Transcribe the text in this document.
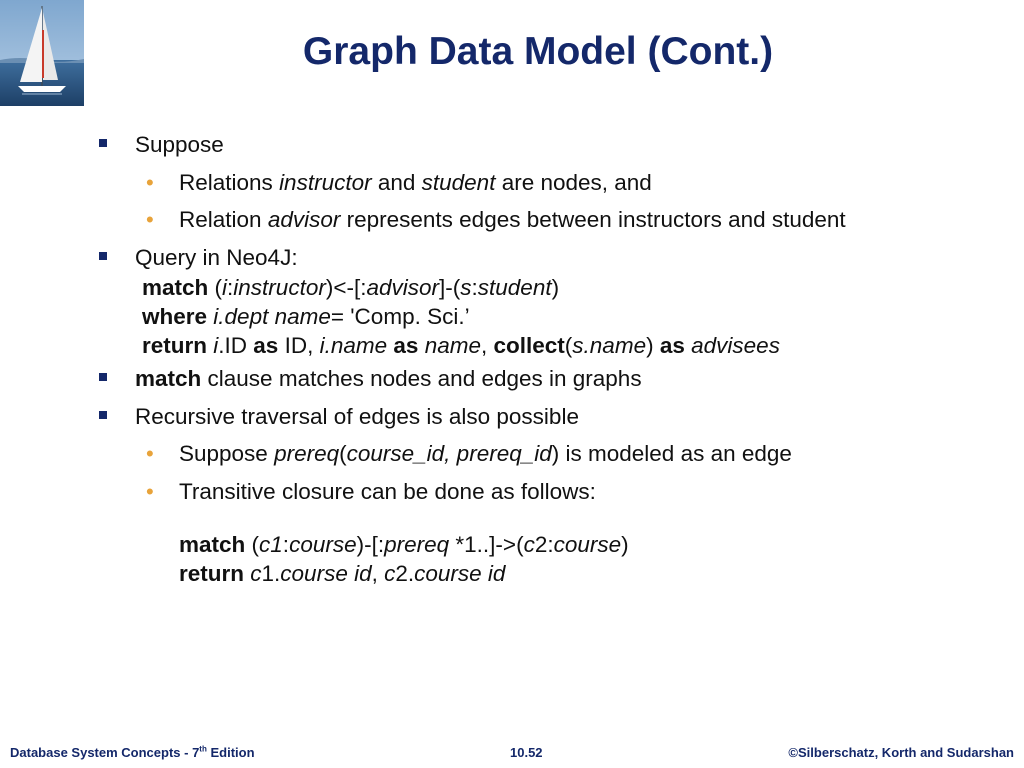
Graph Data Model (Cont.)
Suppose
• Relations instructor and student are nodes, and
• Relation advisor represents edges between instructors and student
Query in Neo4J:
match (i:instructor)<-[:advisor]-(s:student)
where i.dept name= 'Comp. Sci.’
return i.ID as ID, i.name as name, collect(s.name) as advisees
match clause matches nodes and edges in graphs
Recursive traversal of edges is also possible
• Suppose prereq(course_id, prereq_id) is modeled as an edge
• Transitive closure can be done as follows:
match (c1:course)-[:prereq *1..]->(c2:course)
return c1.course id, c2.course id
Database System Concepts - 7th Edition	10.52	©Silberschatz, Korth and Sudarshan
